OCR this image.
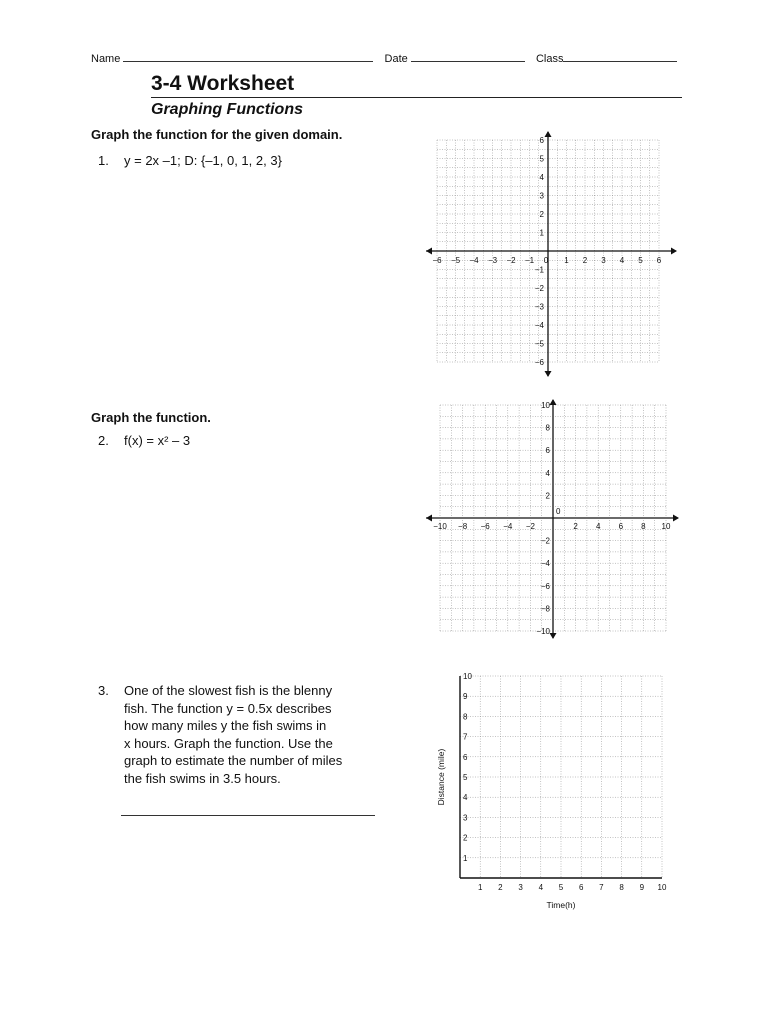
Name	Date	Class
3-4 Worksheet
Graphing Functions
Graph the function for the given domain.
1. y = 2x –1; D: {–1, 0, 1, 2, 3}
Graph the function.
2. f(x) = x² – 3
3. One of the slowest fish is the blenny
fish. The function y = 0.5x describes
how many miles y the fish swims in
x hours. Graph the function. Use the
graph to estimate the number of miles
the fish swims in 3.5 hours.
−6 −5 −4 −3 −2 −1 0 1 2 3 4 5 6
−6
−5
−4
−3
−2
−1
1
2
3
4
5
6
−10 −8 −6 −4 −2	2 4 6 8 10
−10
−8
−6
−4
−2
2
4
6
8
10
0
1 2 3 4 5 6 7 8 9 10
1
2
3
4
5
6
7
8
9
10
Time(h)
Distance (mile)
